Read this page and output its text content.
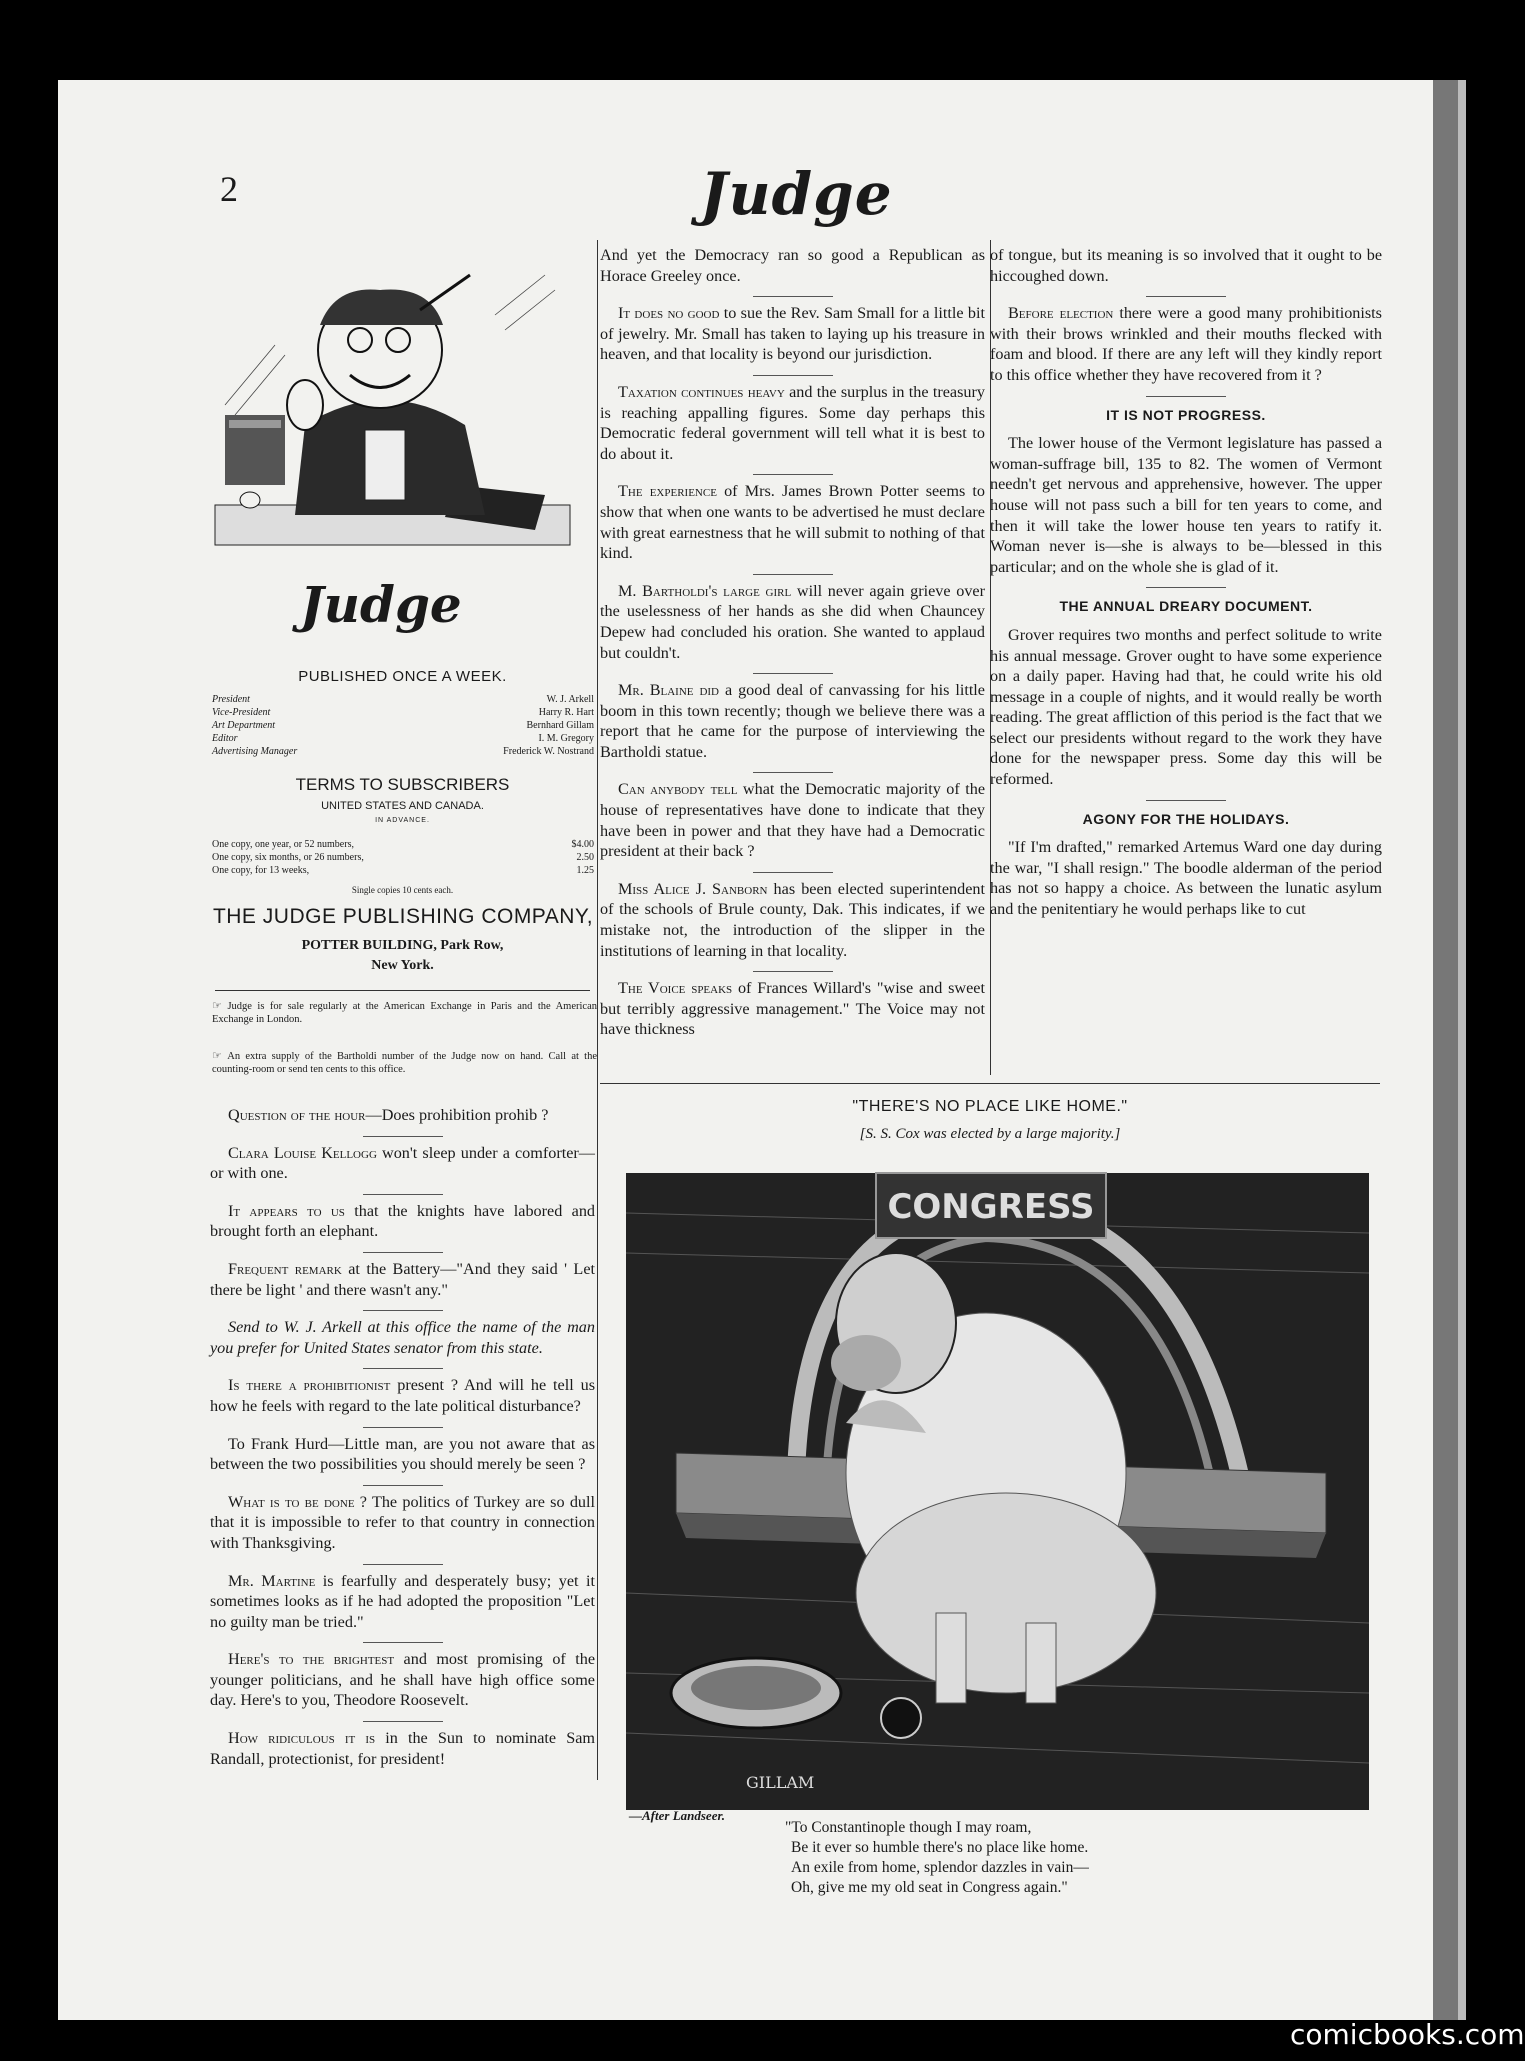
2	Judge
Judge
PUBLISHED ONCE A WEEK.
President	W. J. Arkell
Vice-President	Harry R. Hart
Art Department	Bernhard Gillam
Editor	I. M. Gregory
Advertising Manager	Frederick W. Nostrand
TERMS TO SUBSCRIBERS
UNITED STATES AND CANADA.
IN ADVANCE.
One copy, one year, or 52 numbers,	$4.00
One copy, six months, or 26 numbers,	2.50
One copy, for 13 weeks,	1.25
Single copies 10 cents each.
THE JUDGE PUBLISHING COMPANY,
POTTER BUILDING, Park Row,
New York.
☞ Judge is for sale regularly at the American Exchange in Paris and the American Exchange in London.
☞ An extra supply of the Bartholdi number of the Judge now on hand. Call at the counting-room or send ten cents to this office.

Question of the hour—Does prohibition prohib ?

Clara Louise Kellogg won't sleep under a comforter—or with one.

It appears to us that the knights have labored and brought forth an elephant.

Frequent remark at the Battery—"And they said ' Let there be light ' and there wasn't any."

Send to W. J. Arkell at this office the name of the man you prefer for United States senator from this state.

Is there a prohibitionist present ? And will he tell us how he feels with regard to the late political disturbance?

To Frank Hurd—Little man, are you not aware that as between the two possibilities you should merely be seen ?

What is to be done ? The politics of Turkey are so dull that it is impossible to refer to that country in connection with Thanksgiving.

Mr. Martine is fearfully and desperately busy; yet it sometimes looks as if he had adopted the proposition "Let no guilty man be tried."

Here's to the brightest and most promising of the younger politicians, and he shall have high office some day. Here's to you, Theodore Roosevelt.

How ridiculous it is in the Sun to nominate Sam Randall, protectionist, for president!

And yet the Democracy ran so good a Republican as Horace Greeley once.

It does no good to sue the Rev. Sam Small for a little bit of jewelry. Mr. Small has taken to laying up his treasure in heaven, and that locality is beyond our jurisdiction.

Taxation continues heavy and the surplus in the treasury is reaching appalling figures. Some day perhaps this Democratic federal government will tell what it is best to do about it.

The experience of Mrs. James Brown Potter seems to show that when one wants to be advertised he must declare with great earnestness that he will submit to nothing of that kind.

M. Bartholdi's large girl will never again grieve over the uselessness of her hands as she did when Chauncey Depew had concluded his oration. She wanted to applaud but couldn't.

Mr. Blaine did a good deal of canvassing for his little boom in this town recently; though we believe there was a report that he came for the purpose of interviewing the Bartholdi statue.

Can anybody tell what the Democratic majority of the house of representatives have done to indicate that they have been in power and that they have had a Democratic president at their back ?

Miss Alice J. Sanborn has been elected superintendent of the schools of Brule county, Dak. This indicates, if we mistake not, the introduction of the slipper in the institutions of learning in that locality.

The Voice speaks of Frances Willard's "wise and sweet but terribly aggressive management." The Voice may not have thickness

of tongue, but its meaning is so involved that it ought to be hiccoughed down.

Before election there were a good many prohibitionists with their brows wrinkled and their mouths flecked with foam and blood. If there are any left will they kindly report to this office whether they have recovered from it ?

IT IS NOT PROGRESS.

The lower house of the Vermont legislature has passed a woman-suffrage bill, 135 to 82. The women of Vermont needn't get nervous and apprehensive, however. The upper house will not pass such a bill for ten years to come, and then it will take the lower house ten years to ratify it. Woman never is—she is always to be—blessed in this particular; and on the whole she is glad of it.

THE ANNUAL DREARY DOCUMENT.

Grover requires two months and perfect solitude to write his annual message. Grover ought to have some experience on a daily paper. Having had that, he could write his old message in a couple of nights, and it would really be worth reading. The great affliction of this period is the fact that we select our presidents without regard to the work they have done for the newspaper press. Some day this will be reformed.

AGONY FOR THE HOLIDAYS.

"If I'm drafted," remarked Artemus Ward one day during the war, "I shall resign." The boodle alderman of the period has not so happy a choice. As between the lunatic asylum and the penitentiary he would perhaps like to cut

"THERE'S NO PLACE LIKE HOME."
[S. S. Cox was elected by a large majority.]
CONGRESS
GILLAM
—After Landseer.
"To Constantinople though I may roam,
Be it ever so humble there's no place like home.
An exile from home, splendor dazzles in vain—
Oh, give me my old seat in Congress again."
comicbooks.com
